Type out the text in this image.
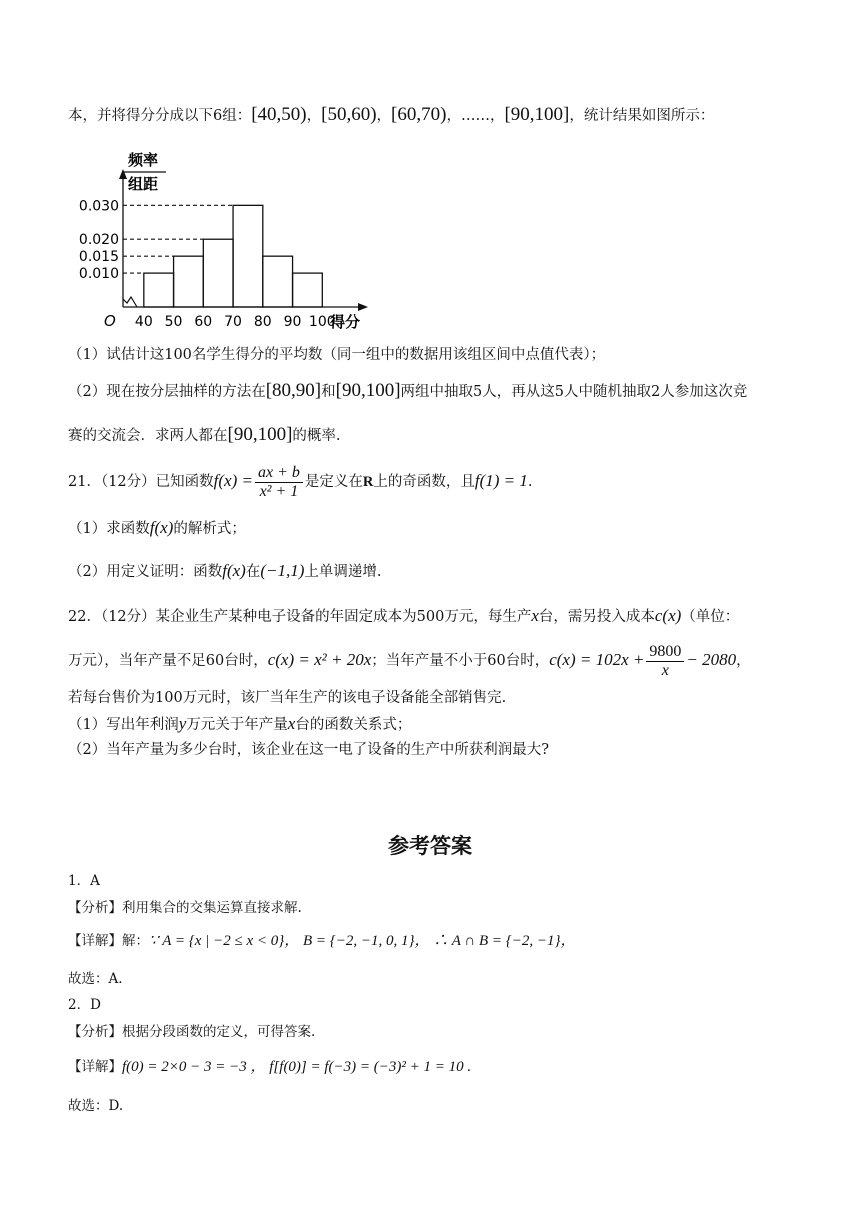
本，并将得分分成以下6组：[40,50)，[50,60)，[60,70)，……，[90,100]，统计结果如图所示：
频率
组距
得分
O
0.030
0.020
0.015
0.010
40 50 60 70 80 90 100
（1）试估计这100名学生得分的平均数（同一组中的数据用该组区间中点值代表）；
（2）现在按分层抽样的方法在[80,90]和[90,100]两组中抽取5人，再从这5人中随机抽取2人参加这次竞
赛的交流会．求两人都在[90,100]的概率.
21．（12分）已知函数$f(x) = \frac{ax + b}{\text{x² + 1}}$ 是定义在R上的奇函数，且f(1) = 1.
（1）求函数f(x)的解析式；
（2）用定义证明：函数f(x)在(−1,1)上单调递增.
22．（12分）某企业生产某种电子设备的年固定成本为500万元，每生产x台，需另投入成本c(x)（单位：
万元），当年产量不足60台时，c(x) = x² + 20x；当年产量不小于60台时，$c(x) = 102x + \frac{9800}{x} - 2080$，
若每台售价为100万元时，该厂当年生产的该电子设备能全部销售完.
（1）写出年利润y万元关于年产量x台的函数关系式；
（2）当年产量为多少台时，该企业在这一电了设备的生产中所获利润最大?
参考答案
1．A
【分析】利用集合的交集运算直接求解.
【详解】解：∵ A = {x | −2 ≤ x < 0}， B = {−2, −1, 0, 1}， ∴ A ∩ B = {−2, −1}，
故选：A.
2．D
【分析】根据分段函数的定义，可得答案.
【详解】f(0) = 2×0 − 3 = −3 ， f[f(0)] = f(−3) = (−3)² + 1 = 10 .
故选：D.
